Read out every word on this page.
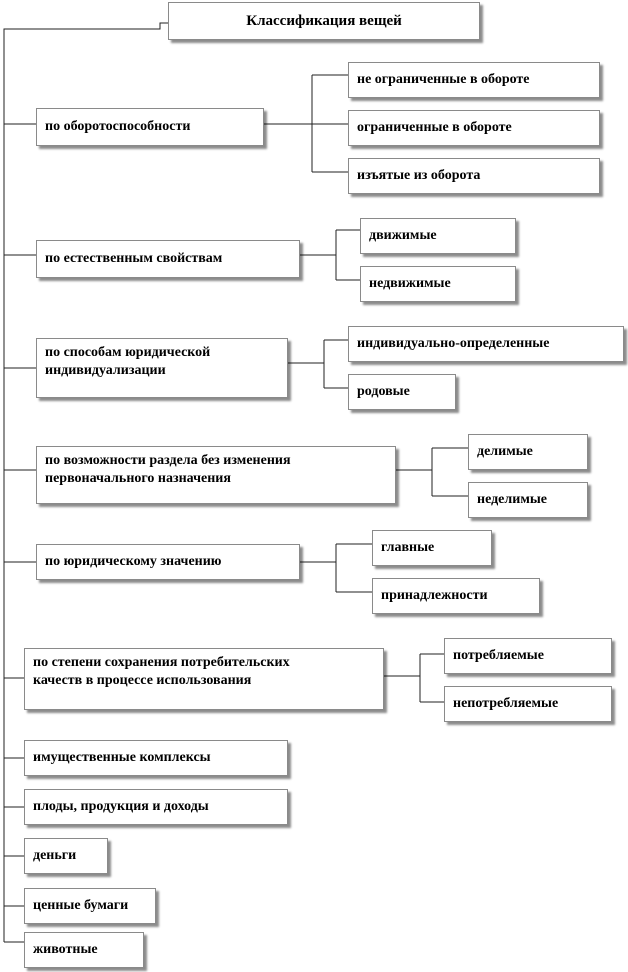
Классификация вещей
по оборотоспособности
по естественным свойствам
по способам юридической
индивидуализации
по возможности раздела без изменения
первоначального назначения
по юридическому значению
по степени сохранения потребительских
качеств в процессе использования
имущественные комплексы
плоды, продукция и доходы
деньги
ценные бумаги
животные
не ограниченные в обороте
ограниченные в обороте
изъятые из оборота
движимые
недвижимые
индивидуально-определенные
родовые
делимые
неделимые
главные
принадлежности
потребляемые
непотребляемые
